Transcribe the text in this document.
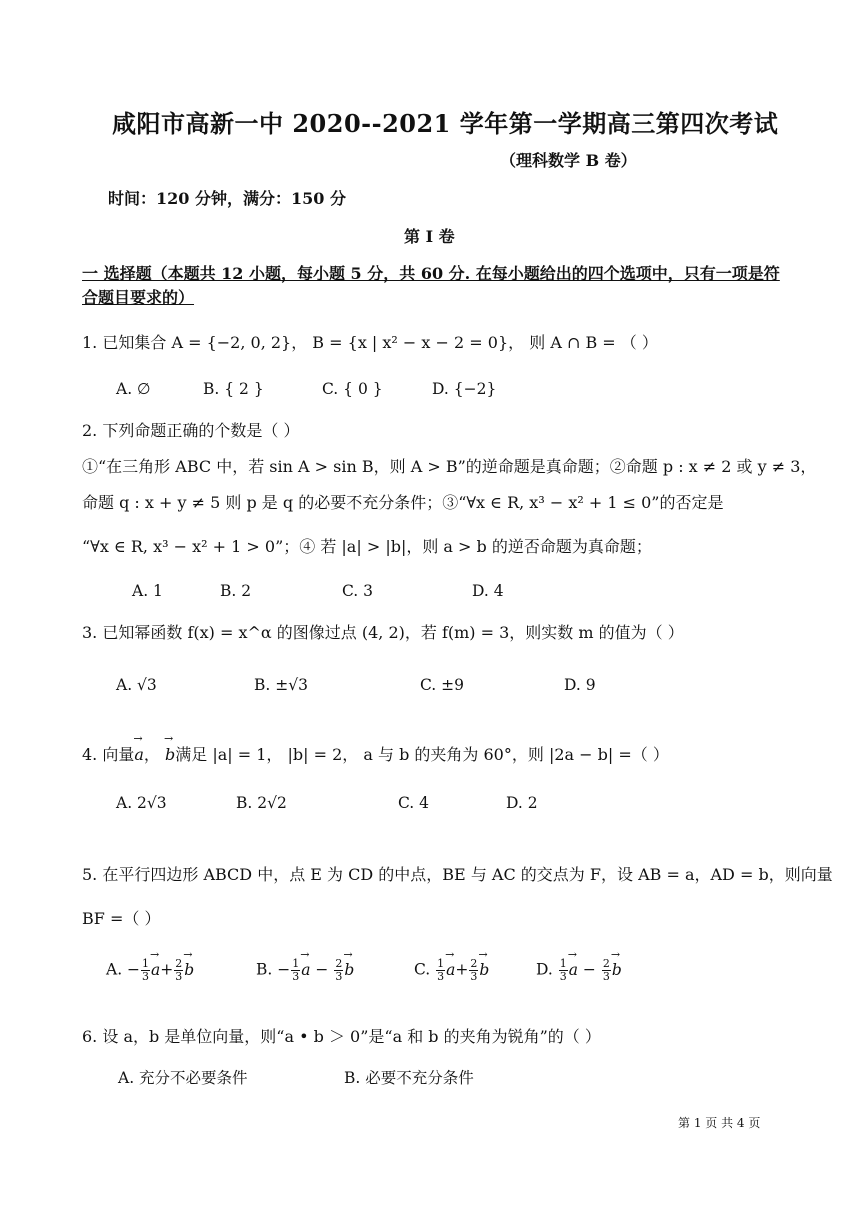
咸阳市高新一中 2020--2021 学年第一学期高三第四次考试
（理科数学 B 卷）
时间：120 分钟，满分：150 分
第 I 卷
一 选择题（本题共 12 小题，每小题 5 分，共 60 分. 在每小题给出的四个选项中，只有一项是符合题目要求的）
1. 已知集合 A = {−2, 0, 2}， B = {x | x² − x − 2 = 0}， 则 A ∩ B = （ ）
A. ∅	B. { 2 }	C. { 0 }	D. {−2}
2. 下列命题正确的个数是（ ）
①“在三角形 ABC 中，若 sin A > sin B，则 A > B”的逆命题是真命题；②命题 p : x ≠ 2 或 y ≠ 3，
命题 q : x + y ≠ 5 则 p 是 q 的必要不充分条件；③“∀x ∈ R, x³ − x² + 1 ≤ 0”的否定是
“∀x ∈ R, x³ − x² + 1 > 0”；④ 若 |a| > |b|，则 a > b 的逆否命题为真命题；
A. 1	B. 2	C. 3	D. 4
3. 已知幂函数 f(x) = x^α 的图像过点 (4, 2)，若 f(m) = 3，则实数 m 的值为（ ）
A. √3	B. ±√3	C. ±9	D. 9
4. 向量→ a， → b满足 |a| = 1， |b| = 2， a 与 b 的夹角为 60°，则 |2a − b| =（ ）
A. 2√3	B. 2√2	C. 4	D. 2
5. 在平行四边形 ABCD 中，点 E 为 CD 的中点，BE 与 AC 的交点为 F，设 AB = a，AD = b，则向量
BF =（ ）
A. − $\frac{1}{3}$
→ $a+ \frac{2}{3}$
→ b	B. − $\frac{1}{3}$
→ $a - \frac{2}{3}$
→ b	C. $\frac{1}{3}$
→ $a+ \frac{2}{3}$
→ b	D. $\frac{1}{3}$
→ $a - \frac{2}{3}$
→ b
6. 设 a，b 是单位向量，则“a • b ＞ 0”是“a 和 b 的夹角为锐角”的（ ）
A. 充分不必要条件	B. 必要不充分条件
第 1 页 共 4 页
